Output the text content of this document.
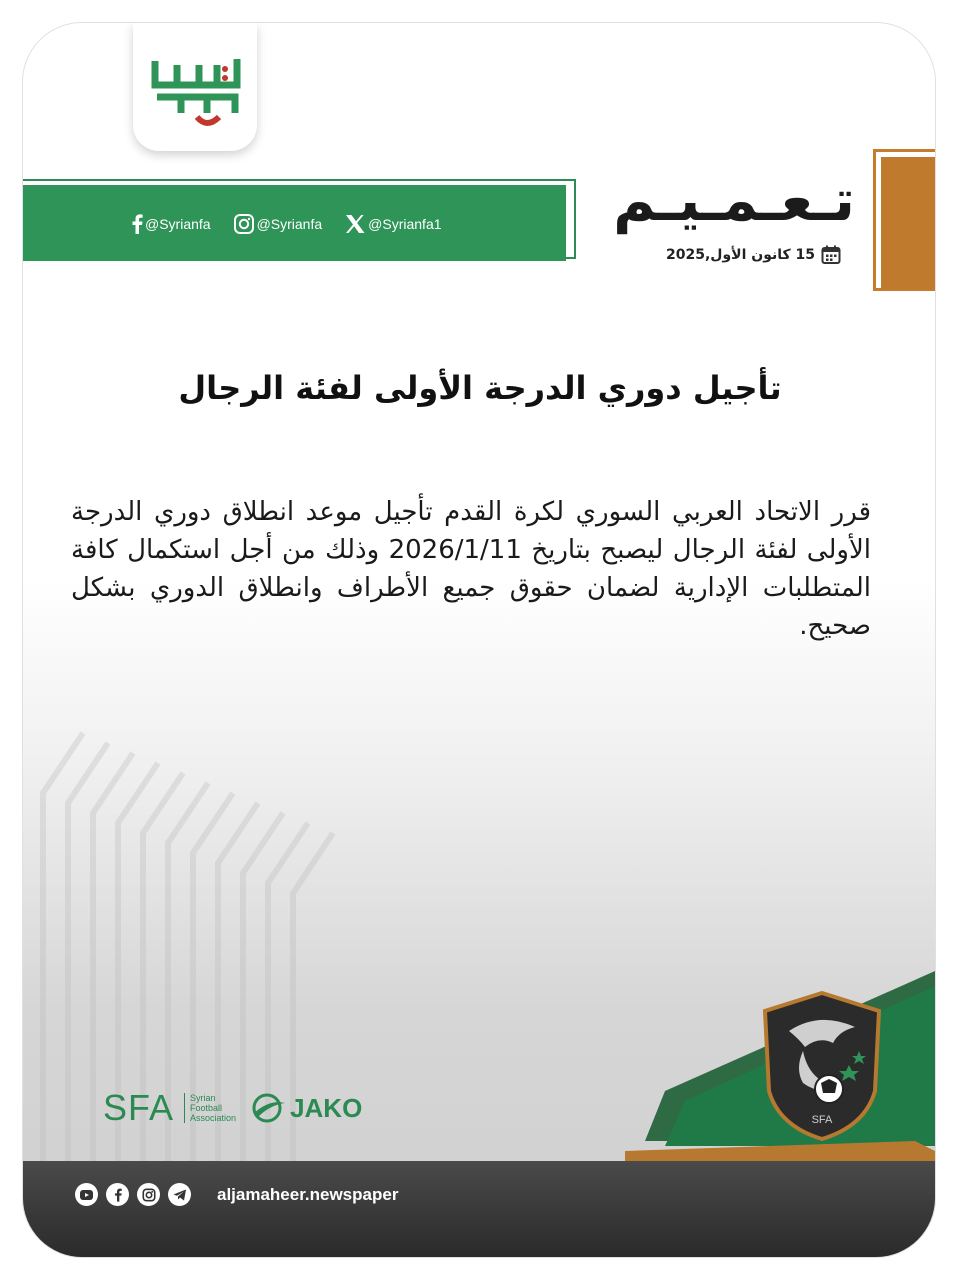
@Syrianfa	@Syrianfa	@Syrianfa1	تـعـمـيـم
15 كانون الأول,2025
تأجيل دوري الدرجة الأولى لفئة الرجال
قرر الاتحاد العربي السوري لكرة القدم تأجيل موعد انطلاق دوري الدرجة الأولى لفئة الرجال ليصبح بتاريخ 2026/1/11 وذلك من أجل استكمال كافة المتطلبات الإدارية لضمان حقوق جميع الأطراف وانطلاق الدوري بشكل صحيح.
SFA
SFA Syrian
Football
Association JAKO
aljamaheer.newspaper
